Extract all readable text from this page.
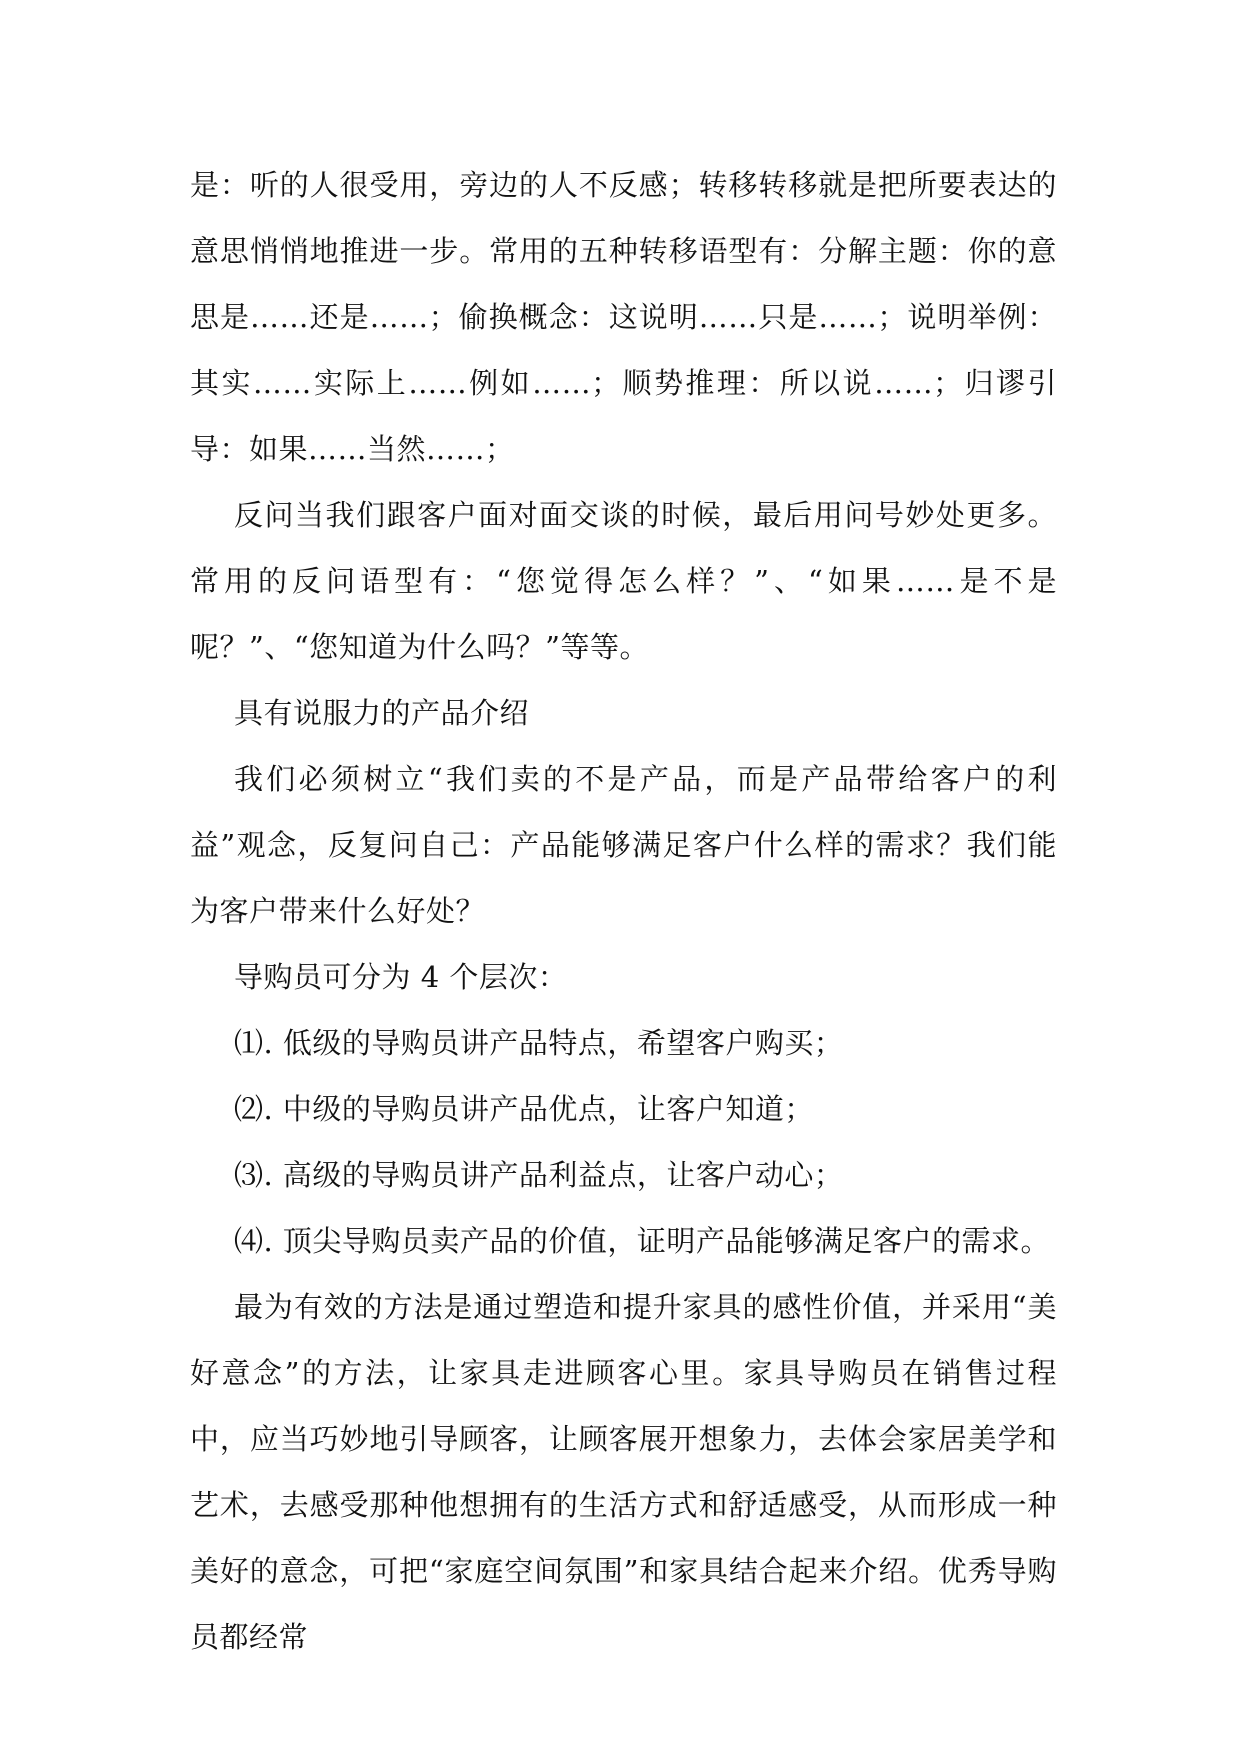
是：听的人很受用，旁边的人不反感；转移转移就是把所要表达的意思悄悄地推进一步。常用的五种转移语型有：分解主题：你的意思是……还是……；偷换概念：这说明……只是……；说明举例：其实……实际上……例如……；顺势推理：所以说……；归谬引导：如果……当然……；

反问当我们跟客户面对面交谈的时候，最后用问号妙处更多。常用的反问语型有：“您觉得怎么样？”、“如果……是不是呢？”、“您知道为什么吗？”等等。

具有说服力的产品介绍

我们必须树立“我们卖的不是产品，而是产品带给客户的利益”观念，反复问自己：产品能够满足客户什么样的需求？我们能为客户带来什么好处？

导购员可分为 4 个层次：

⑴. 低级的导购员讲产品特点，希望客户购买；

⑵. 中级的导购员讲产品优点，让客户知道；

⑶. 高级的导购员讲产品利益点，让客户动心；

⑷. 顶尖导购员卖产品的价值，证明产品能够满足客户的需求。

最为有效的方法是通过塑造和提升家具的感性价值，并采用“美好意念”的方法，让家具走进顾客心里。家具导购员在销售过程中，应当巧妙地引导顾客，让顾客展开想象力，去体会家居美学和艺术，去感受那种他想拥有的生活方式和舒适感受，从而形成一种美好的意念，可把“家庭空间氛围”和家具结合起来介绍。优秀导购员都经常
